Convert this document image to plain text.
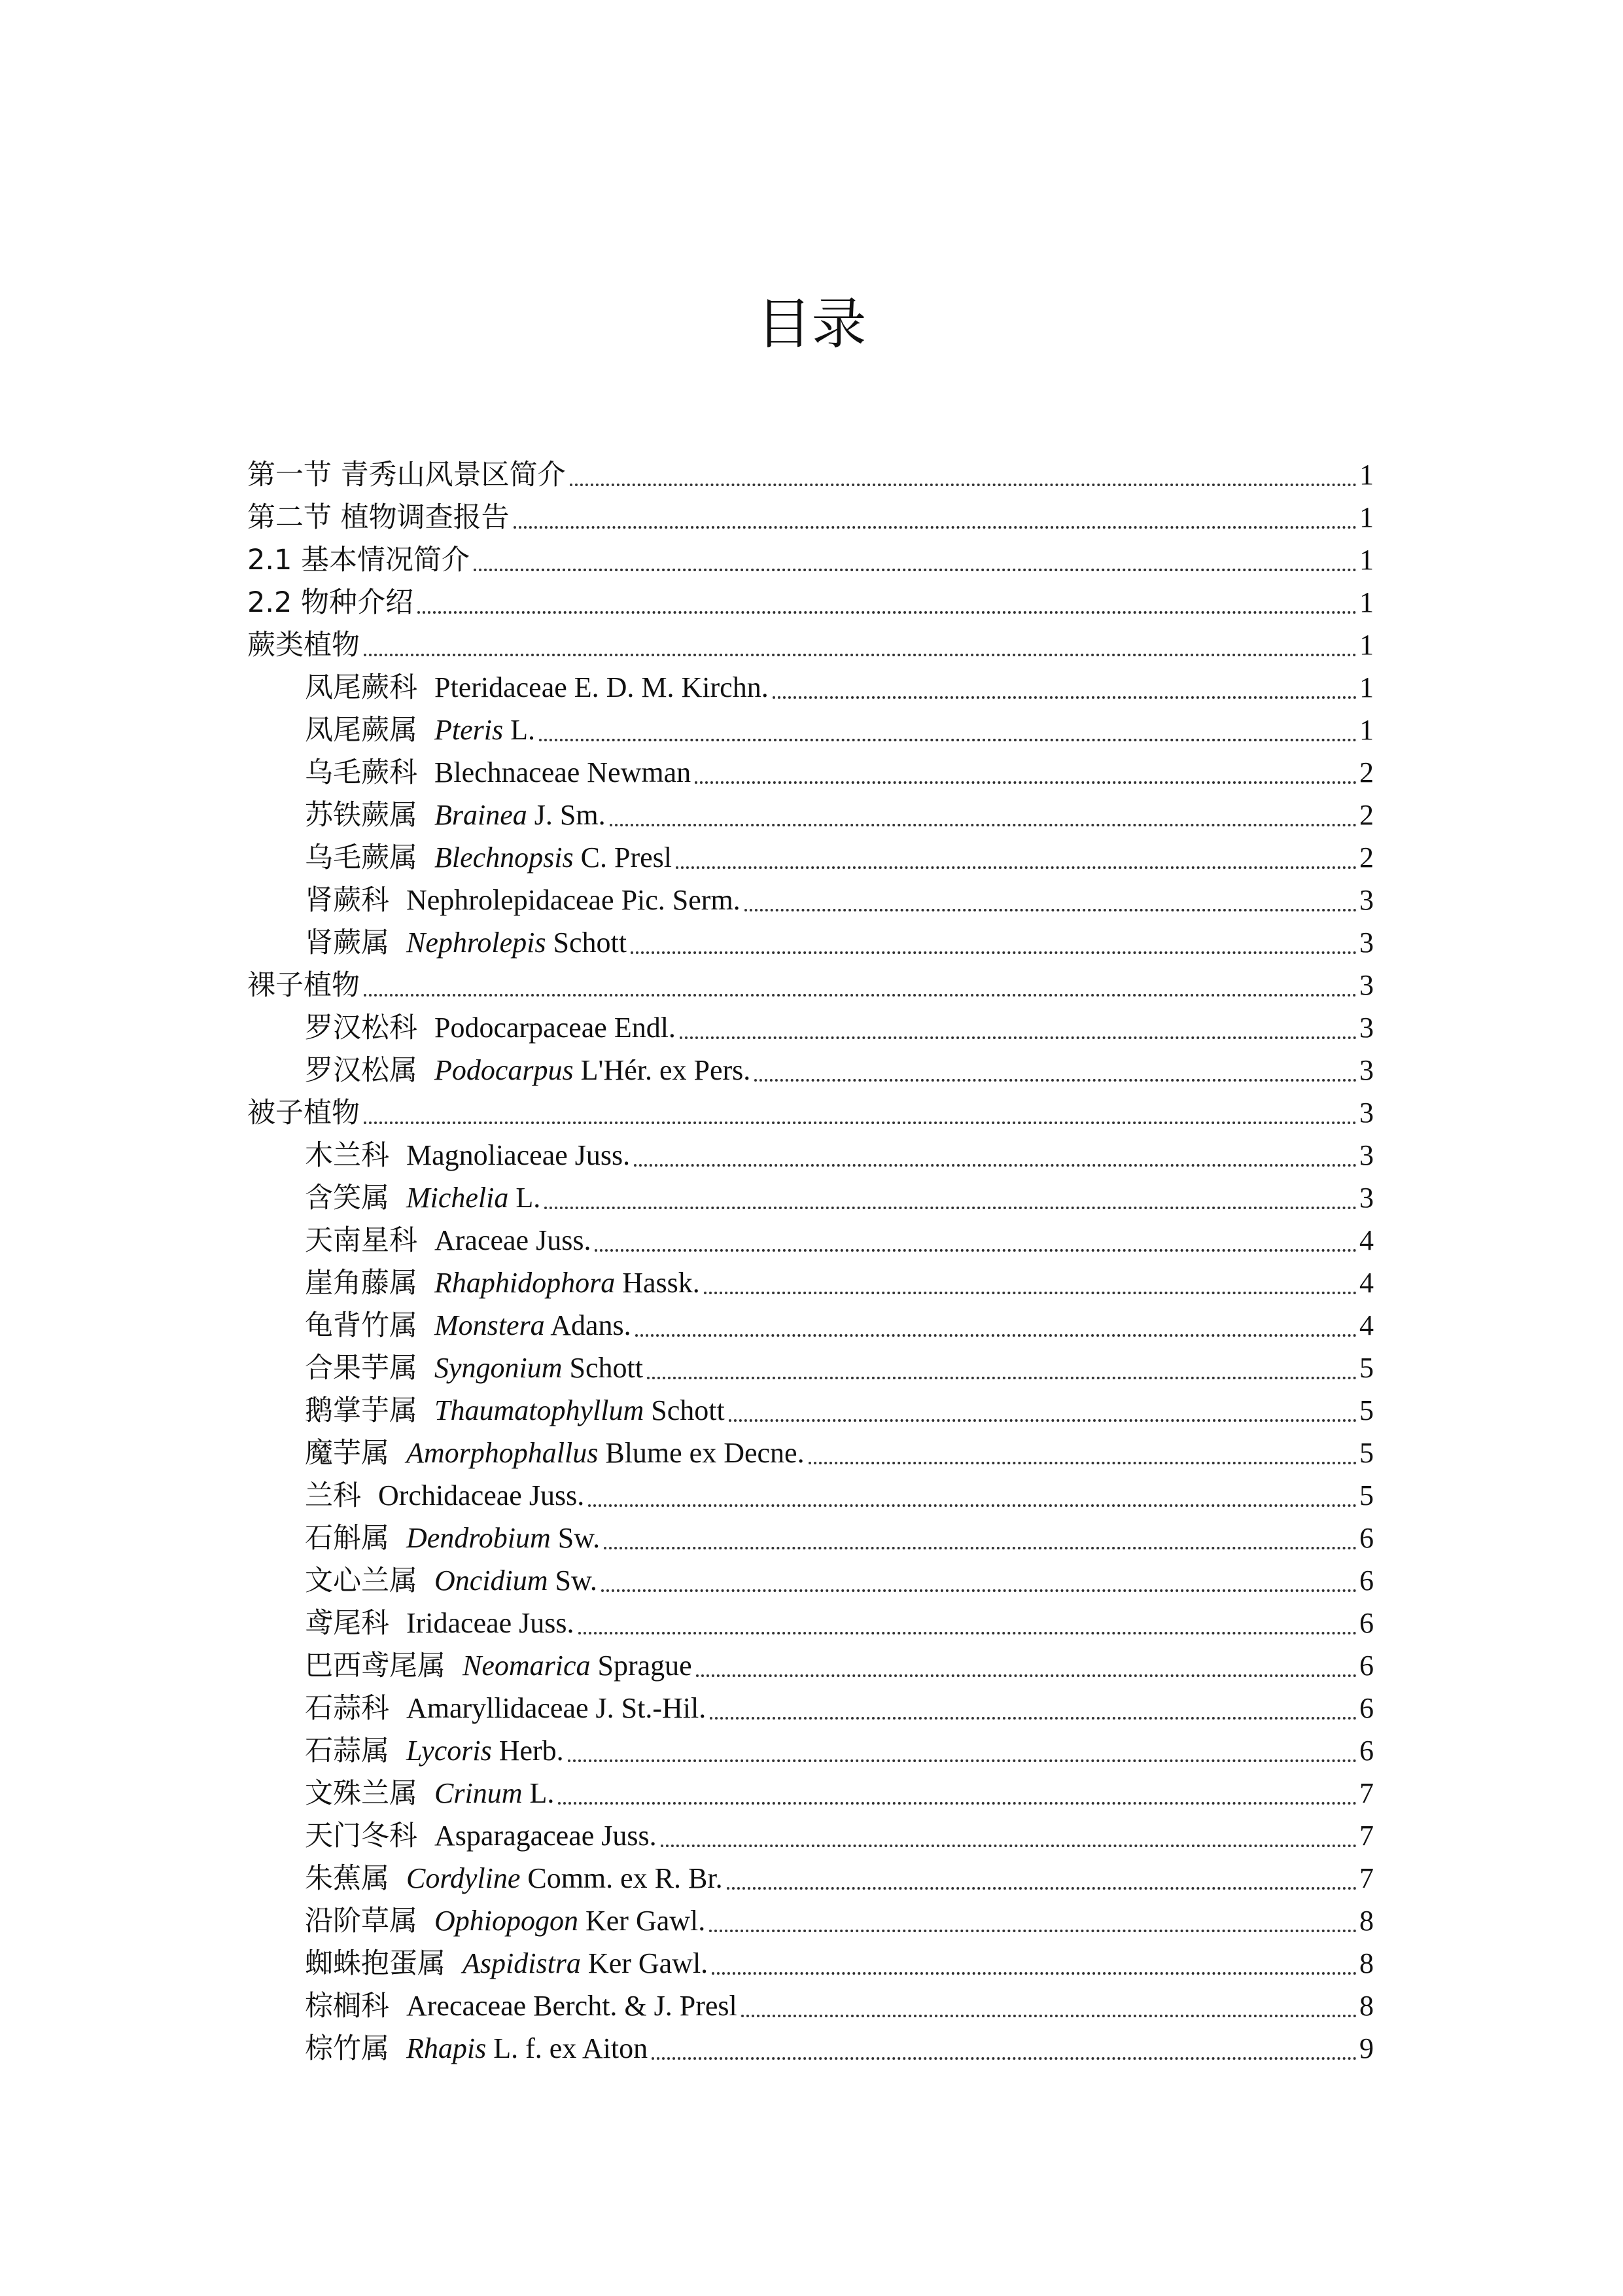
目录
第一节 青秀山风景区简介	1
第二节 植物调查报告	1
2.1 基本情况简介	1
2.2 物种介绍	1
蕨类植物	1
凤尾蕨科 Pteridaceae E. D. M. Kirchn.	1
凤尾蕨属 Pteris L.	1
乌毛蕨科 Blechnaceae Newman	2
苏铁蕨属 Brainea J. Sm.	2
乌毛蕨属 Blechnopsis C. Presl	2
肾蕨科 Nephrolepidaceae Pic. Serm.	3
肾蕨属 Nephrolepis Schott	3
裸子植物	3
罗汉松科 Podocarpaceae Endl.	3
罗汉松属 Podocarpus L'Hér. ex Pers.	3
被子植物	3
木兰科 Magnoliaceae Juss.	3
含笑属 Michelia L.	3
天南星科 Araceae Juss.	4
崖角藤属 Rhaphidophora Hassk.	4
龟背竹属 Monstera Adans.	4
合果芋属 Syngonium Schott	5
鹅掌芋属 Thaumatophyllum Schott	5
魔芋属 Amorphophallus Blume ex Decne.	5
兰科 Orchidaceae Juss.	5
石斛属 Dendrobium Sw.	6
文心兰属 Oncidium Sw.	6
鸢尾科 Iridaceae Juss.	6
巴西鸢尾属 Neomarica Sprague	6
石蒜科 Amaryllidaceae J. St.-Hil.	6
石蒜属 Lycoris Herb.	6
文殊兰属 Crinum L.	7
天门冬科 Asparagaceae Juss.	7
朱蕉属 Cordyline Comm. ex R. Br.	7
沿阶草属 Ophiopogon Ker Gawl.	8
蜘蛛抱蛋属 Aspidistra Ker Gawl.	8
棕榈科 Arecaceae Bercht. & J. Presl	8
棕竹属 Rhapis L. f. ex Aiton	9
